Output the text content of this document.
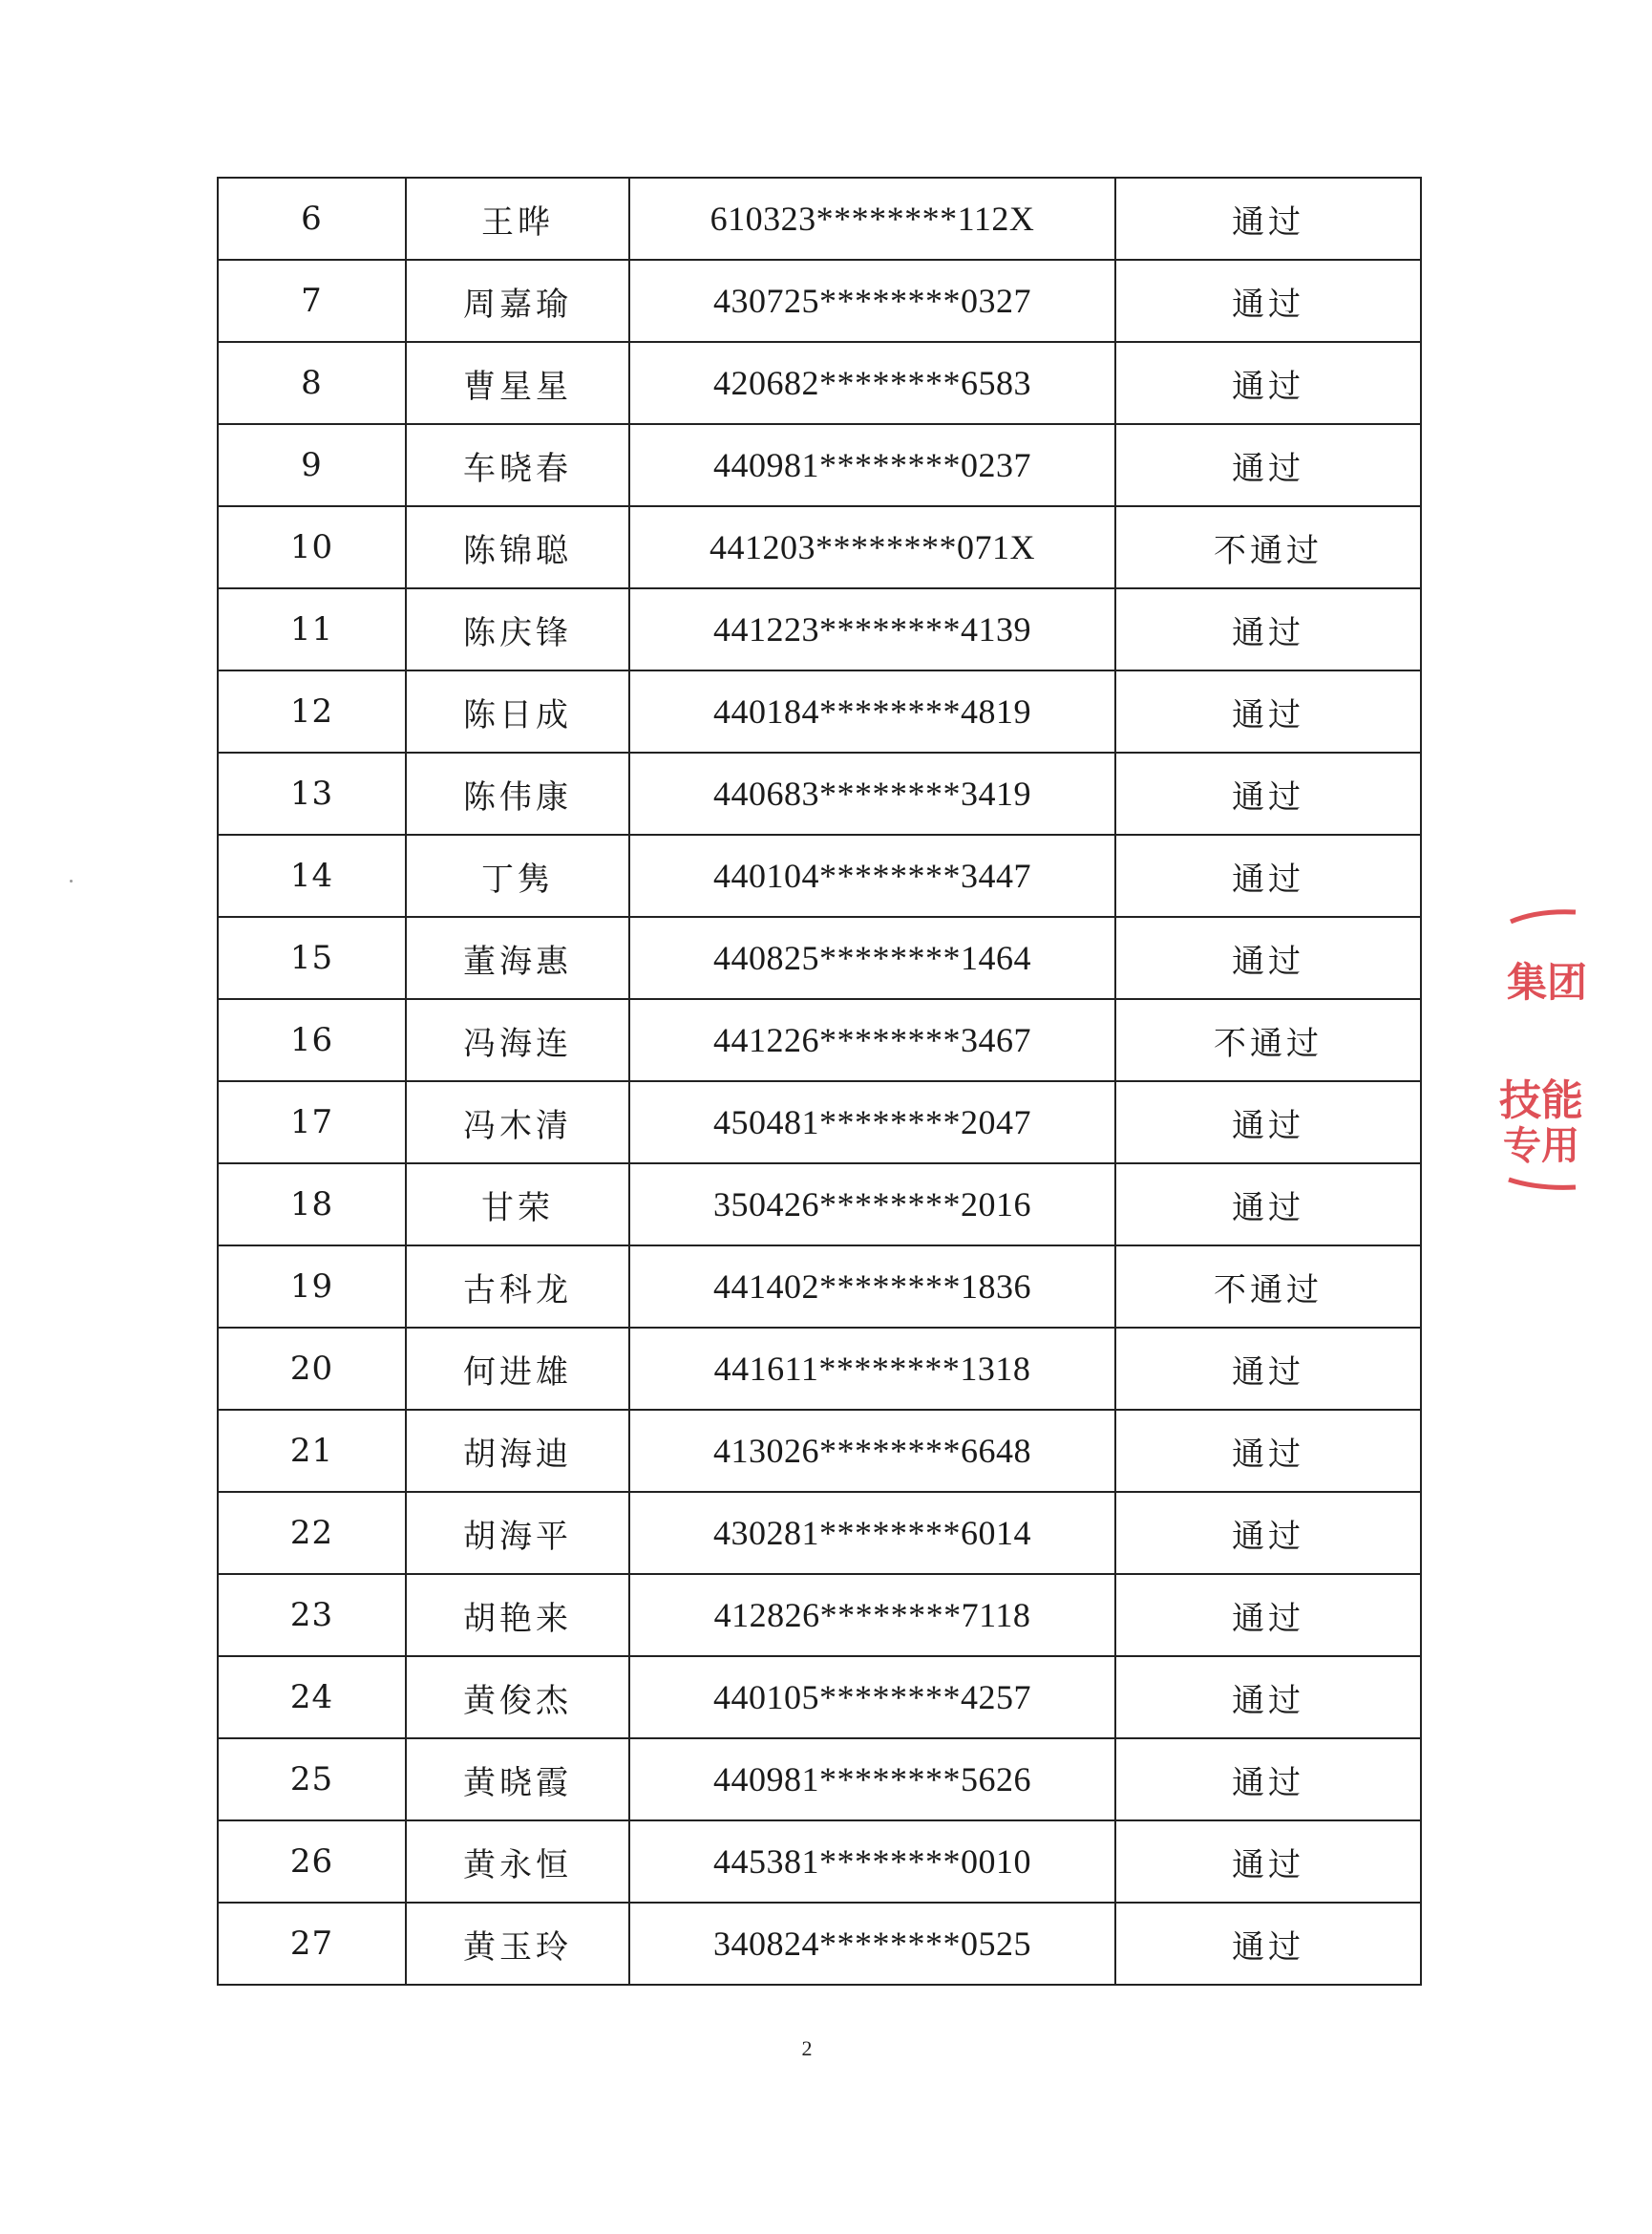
6	王晔	610323********112X	通过
7	周嘉瑜	430725********0327	通过
8	曹星星	420682********6583	通过
9	车晓春	440981********0237	通过
10	陈锦聪	441203********071X	不通过
11	陈庆锋	441223********4139	通过
12	陈日成	440184********4819	通过
13	陈伟康	440683********3419	通过
14	丁隽	440104********3447	通过
15	董海惠	440825********1464	通过
16	冯海连	441226********3467	不通过
17	冯木清	450481********2047	通过
18	甘荣	350426********2016	通过
19	古科龙	441402********1836	不通过
20	何进雄	441611********1318	通过
21	胡海迪	413026********6648	通过
22	胡海平	430281********6014	通过
23	胡艳来	412826********7118	通过
24	黄俊杰	440105********4257	通过
25	黄晓霞	440981********5626	通过
26	黄永恒	445381********0010	通过
27	黄玉玲	340824********0525	通过
2
集团
技能
专用
